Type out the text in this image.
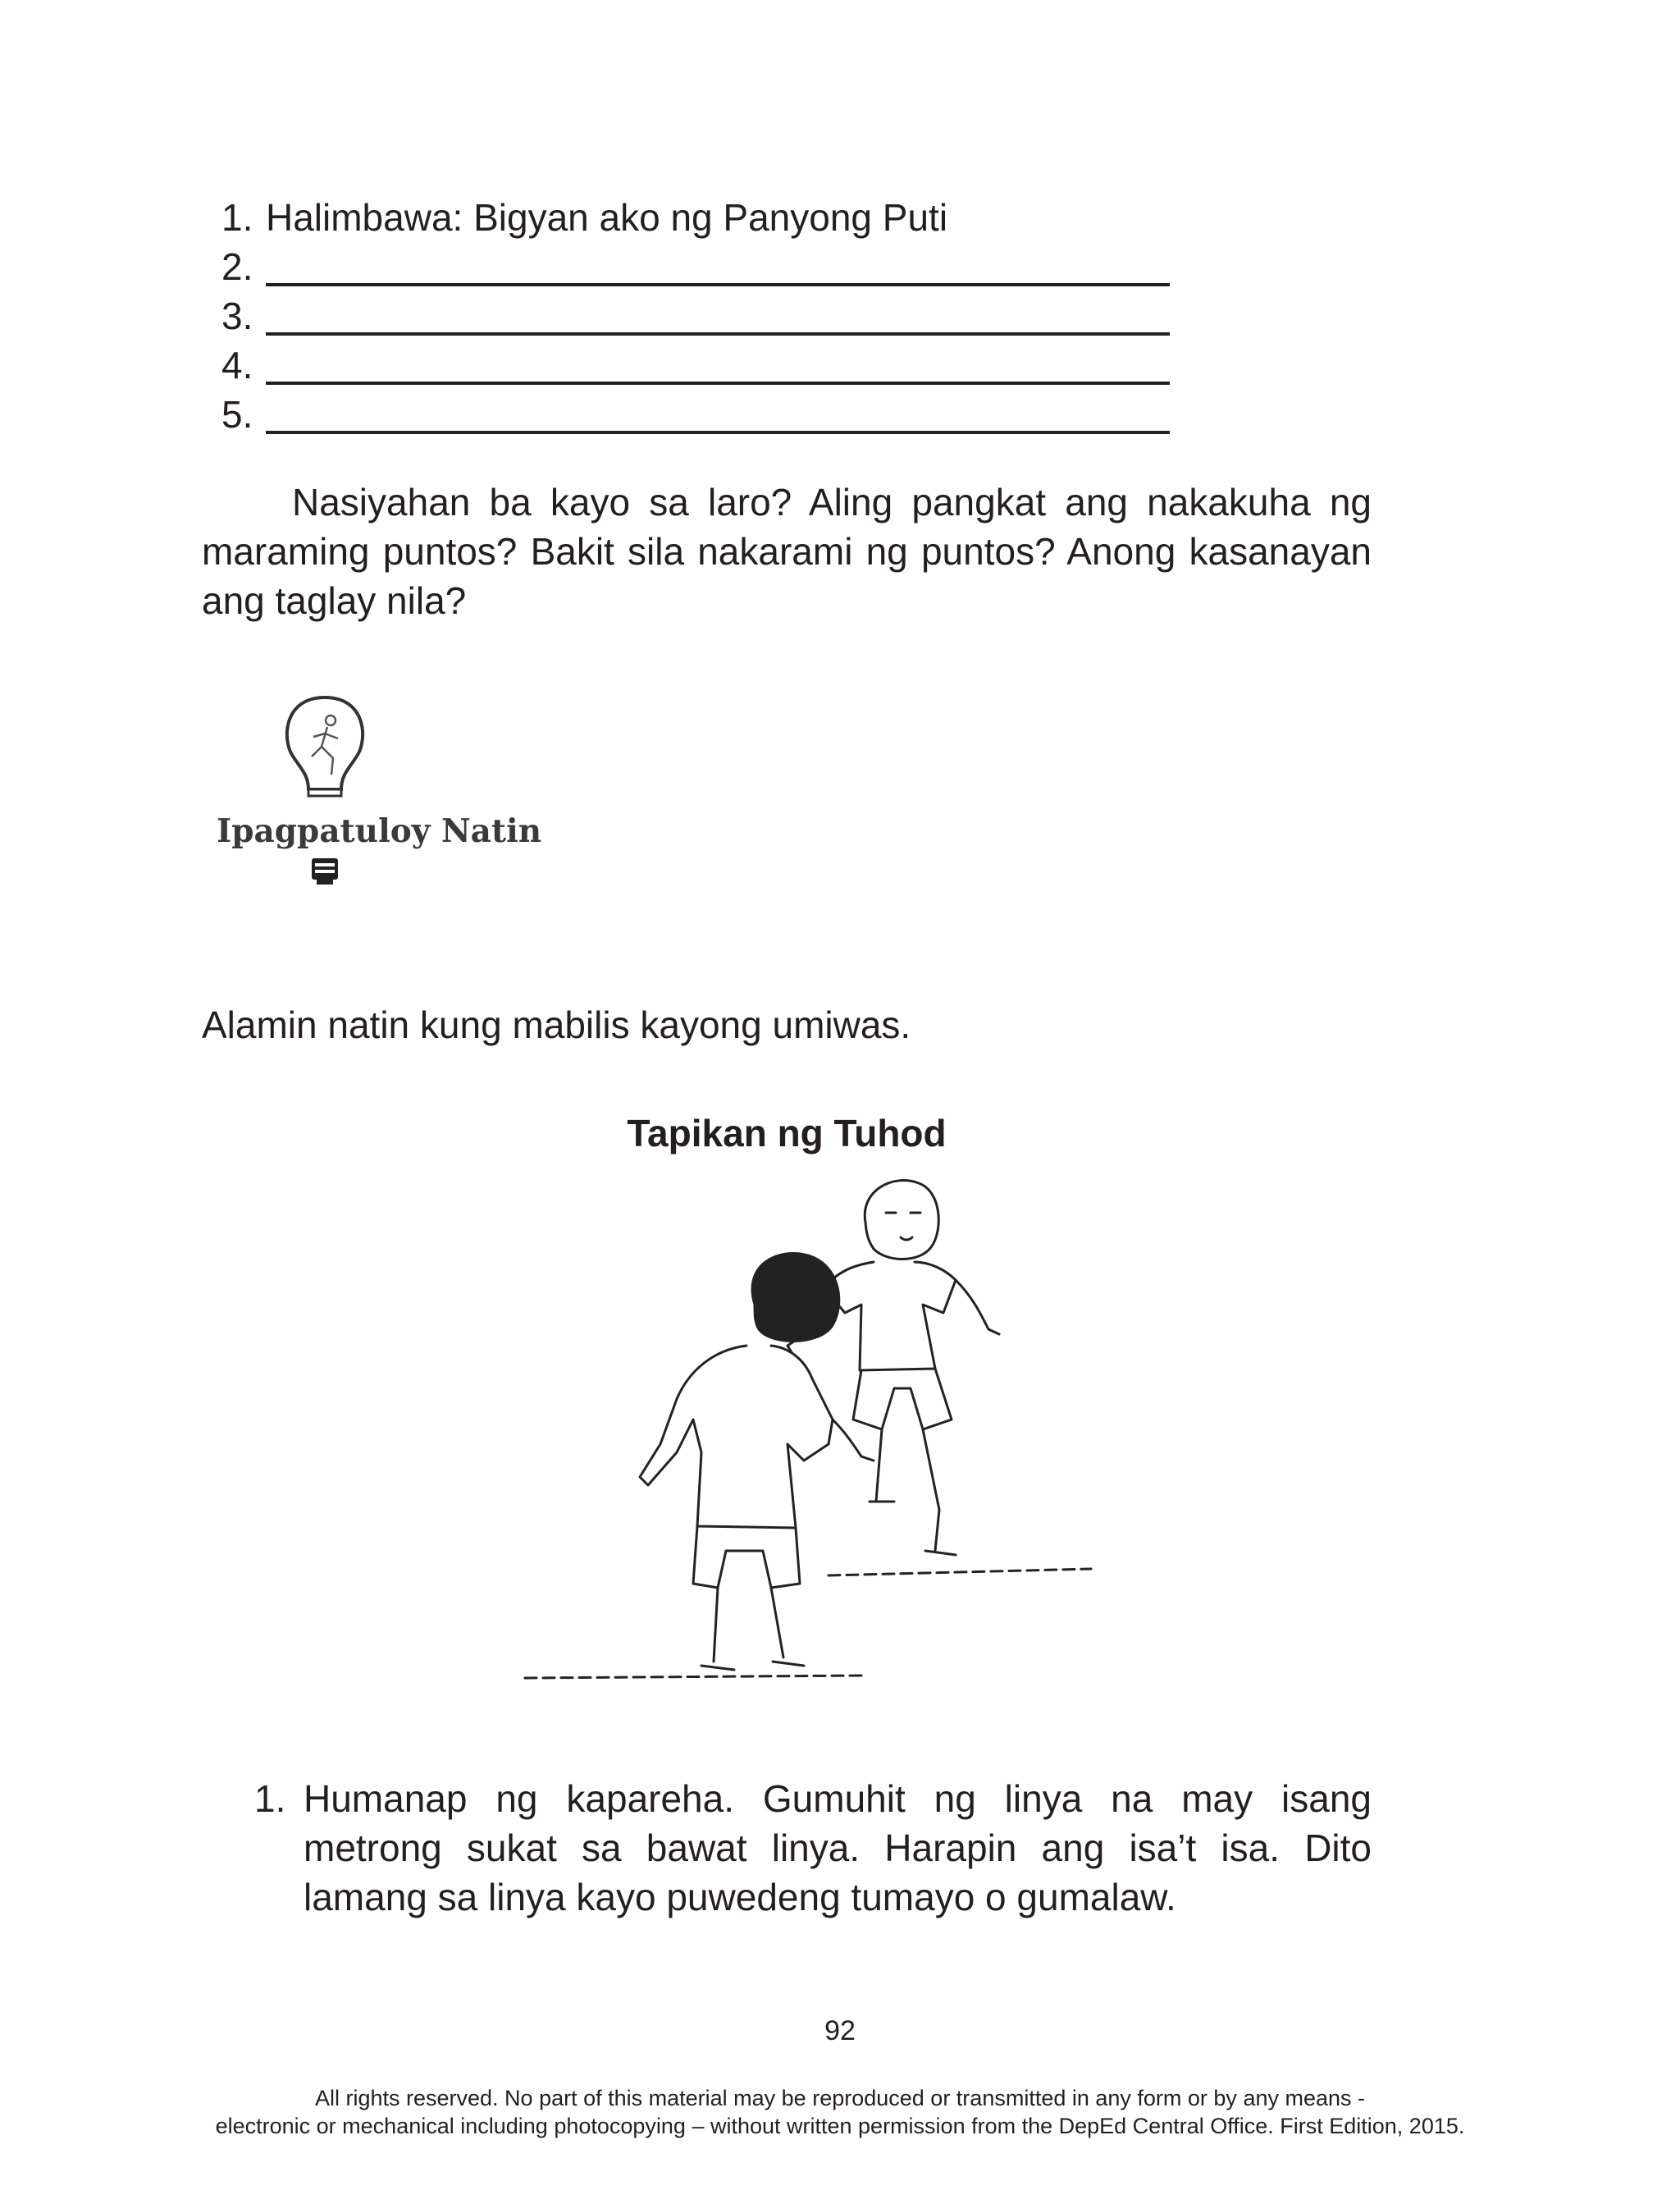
1. Halimbawa: Bigyan ako ng Panyong Puti
2.
3.
4.
5.

Nasiyahan ba kayo sa laro? Aling pangkat ang nakakuha ng maraming puntos? Bakit sila nakarami ng puntos? Anong kasanayan ang taglay nila?

Ipagpatuloy Natin
Alamin natin kung mabilis kayong umiwas.
Tapikan ng Tuhod
1. Humanap ng kapareha. Gumuhit ng linya na may isang metrong sukat sa bawat linya. Harapin ang isa’t isa. Dito lamang sa linya kayo puwedeng tumayo o gumalaw.
92
All rights reserved. No part of this material may be reproduced or transmitted in any form or by any means -
electronic or mechanical including photocopying – without written permission from the DepEd Central Office. First Edition, 2015.
